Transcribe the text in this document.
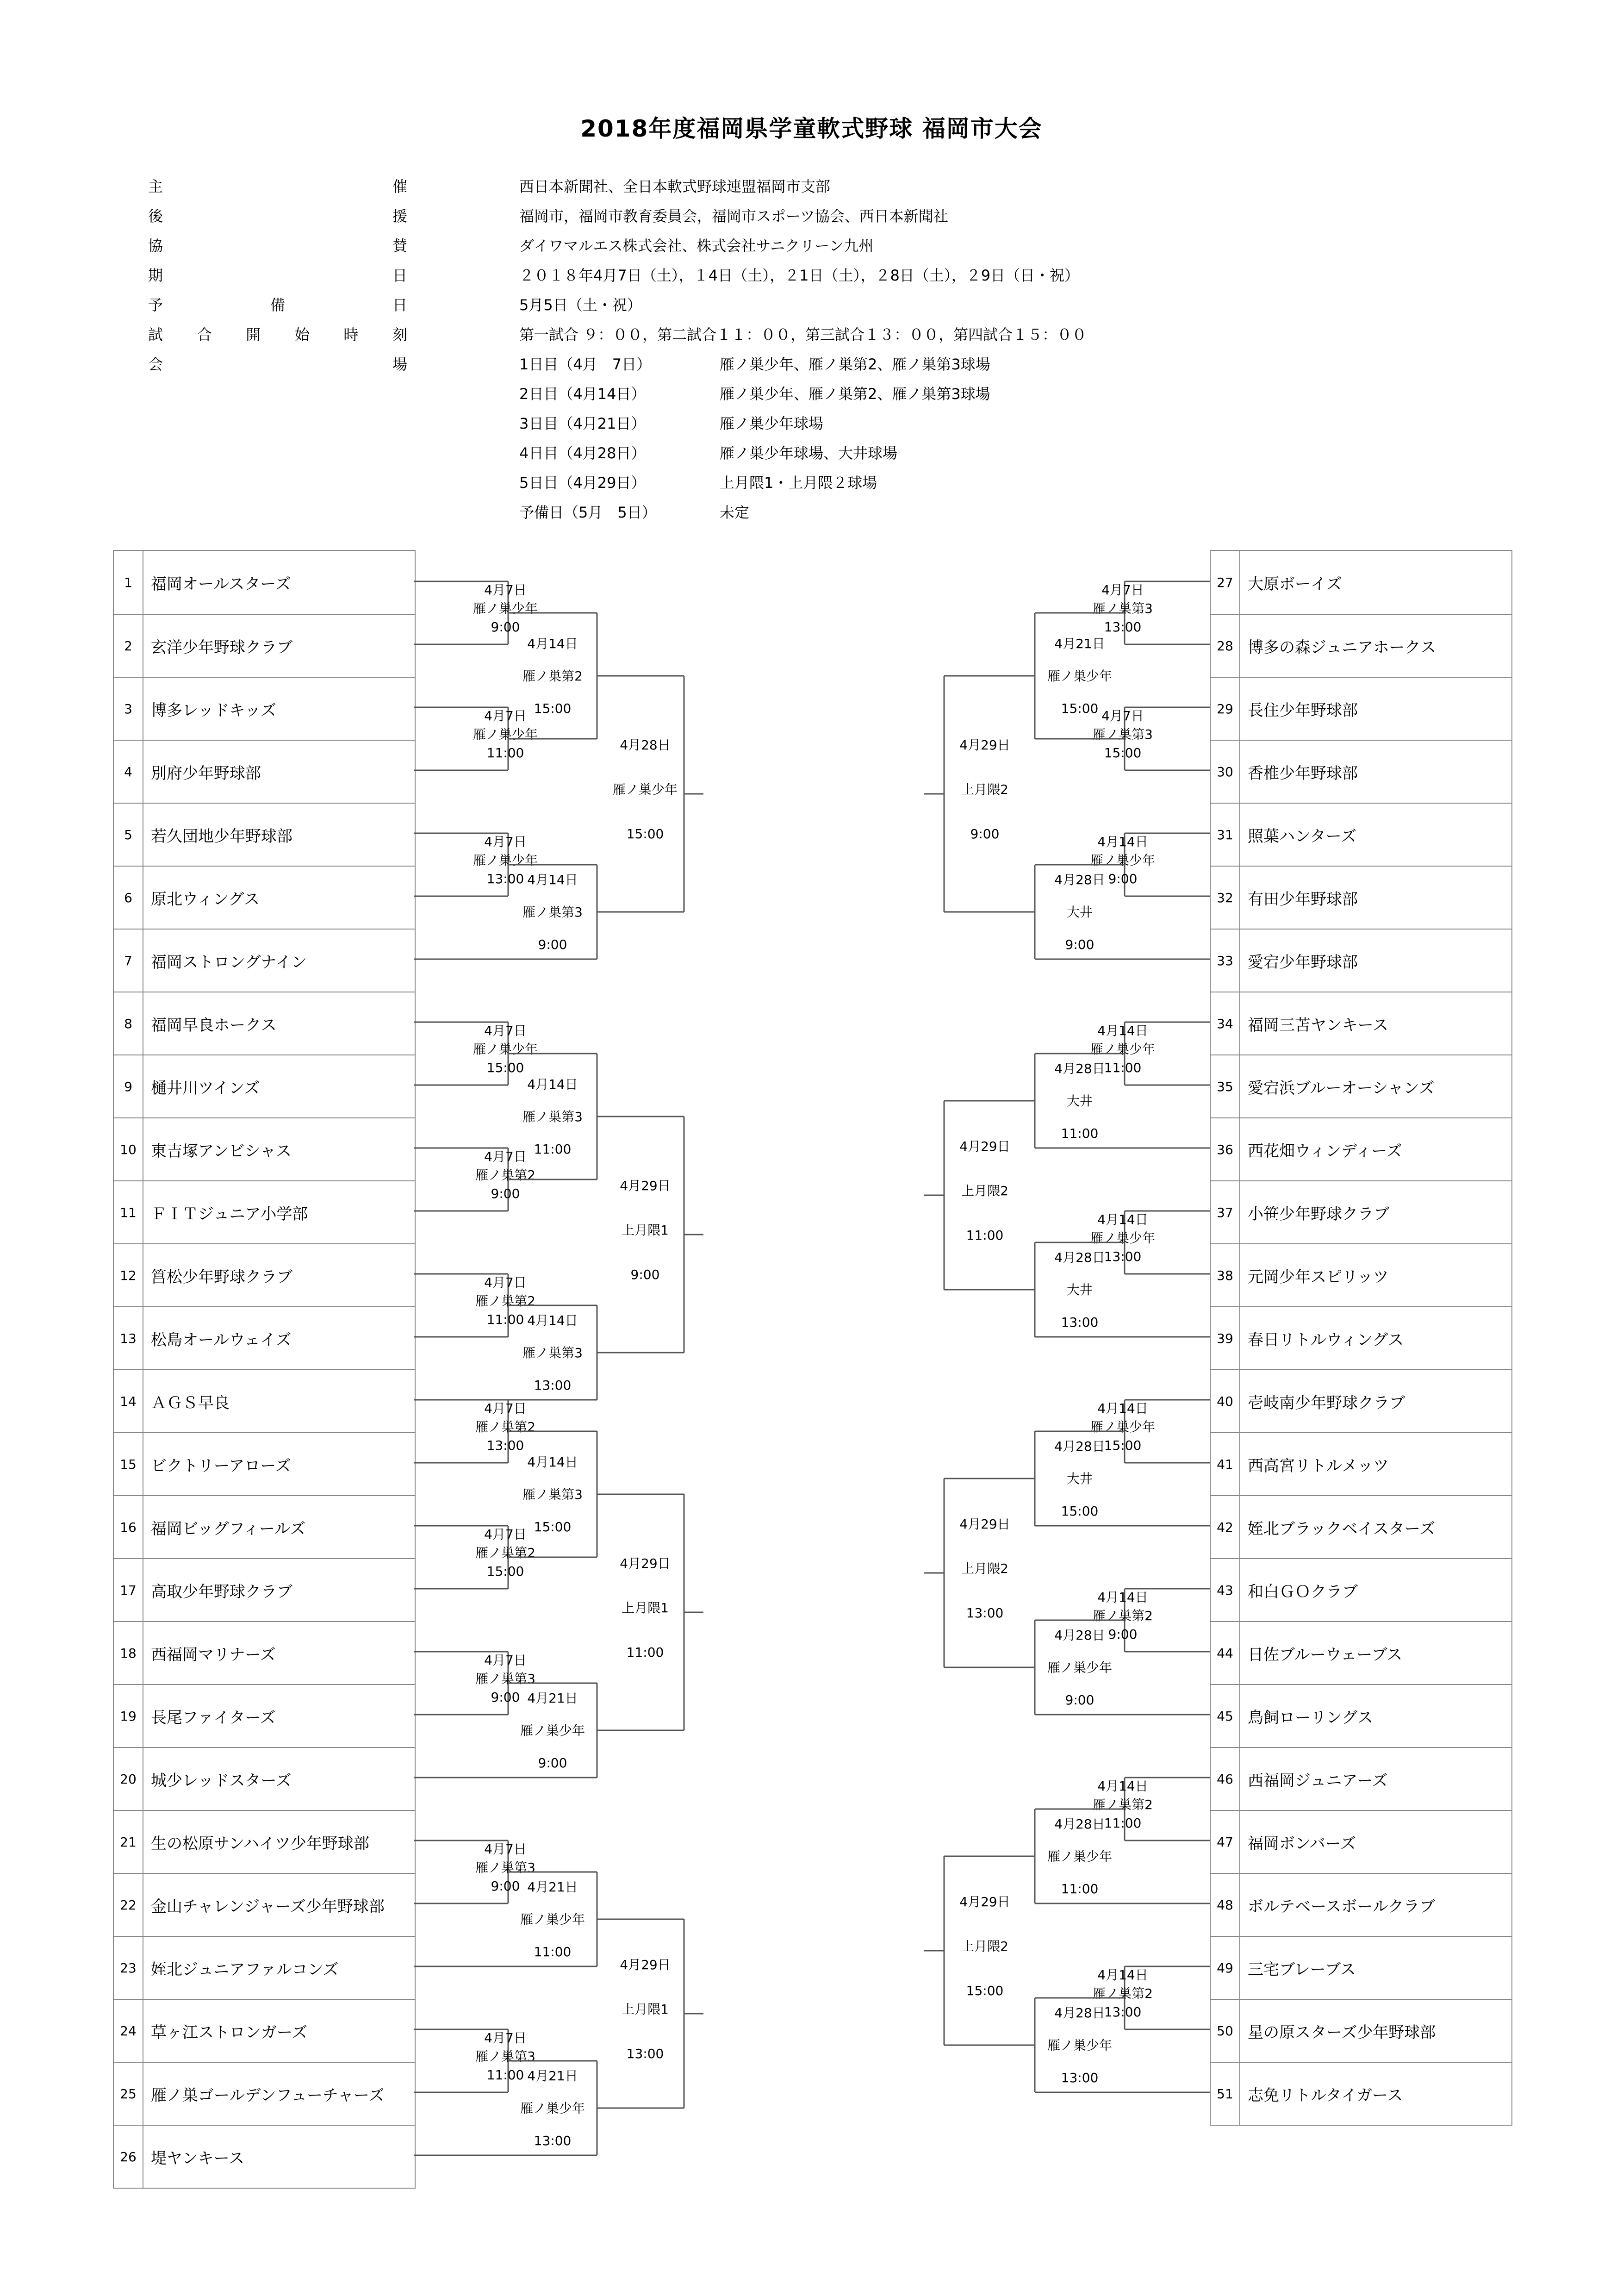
2018年度福岡県学童軟式野球 福岡市大会
主	催	西日本新聞社、全日本軟式野球連盟福岡市支部
後	援	福岡市，福岡市教育委員会，福岡市スポーツ協会、西日本新聞社
協	賛	ダイワマルエス株式会社、株式会社サニクリーン九州
期	日	２０１８年4月7日（土），１4日（土），２1日（土），２8日（土），２9日（日・祝）
予	備	日	5月5日（土・祝）
試 合 開 始 時 刻	第一試合 ９：００，第二試合１１：００，第三試合１３：００，第四試合１５：００
会	場	1日目（4月　7日）	雁ノ巣少年、雁ノ巣第2、雁ノ巣第3球場
2日目（4月14日）	雁ノ巣少年、雁ノ巣第2、雁ノ巣第3球場
3日目（4月21日）	雁ノ巣少年球場
4日目（4月28日）	雁ノ巣少年球場、大井球場
5日目（4月29日）	上月隈1・上月隈２球場
予備日（5月　5日）	未定
1	福岡オールスターズ
2	玄洋少年野球クラブ
3	博多レッドキッズ
4	別府少年野球部
5	若久団地少年野球部
6	原北ウィングス
7	福岡ストロングナイン
8	福岡早良ホークス
9	樋井川ツインズ
10 東吉塚アンビシャス
11 ＦＩＴジュニア小学部
12 筥松少年野球クラブ
13 松島オールウェイズ
14 ＡＧＳ早良
15 ビクトリーアローズ
16 福岡ビッグフィールズ
17 高取少年野球クラブ
18 西福岡マリナーズ
19 長尾ファイターズ
20 城少レッドスターズ
21 生の松原サンハイツ少年野球部
22 金山チャレンジャーズ少年野球部
23 姪北ジュニアファルコンズ
24 草ヶ江ストロンガーズ
25 雁ノ巣ゴールデンフューチャーズ
26 堤ヤンキース
27 大原ボーイズ
28 博多の森ジュニアホークス
29 長住少年野球部
30 香椎少年野球部
31 照葉ハンターズ
32 有田少年野球部
33 愛宕少年野球部
34 福岡三苫ヤンキース
35 愛宕浜ブルーオーシャンズ
36 西花畑ウィンディーズ
37 小笹少年野球クラブ
38 元岡少年スピリッツ
39 春日リトルウィングス
40 壱岐南少年野球クラブ
41 西高宮リトルメッツ
42 姪北ブラックベイスターズ
43 和白ＧＯクラブ
44 日佐ブルーウェーブス
45 鳥飼ローリングス
46 西福岡ジュニアーズ
47 福岡ボンバーズ
48 ボルテベースボールクラブ
49 三宅ブレーブス
50 星の原スターズ少年野球部
51 志免リトルタイガース
4月7日
雁ノ巣少年
9:00
4月7日
雁ノ巣少年
11:00
4月7日
雁ノ巣少年
13:00
4月14日
雁ノ巣第2
15:00
4月14日
雁ノ巣第3
9:00
4月28日
雁ノ巣少年
15:00
4月7日
雁ノ巣少年
15:00
4月7日
雁ノ巣第2
9:00
4月7日
雁ノ巣第2
11:00
4月14日
雁ノ巣第3
11:00
4月14日
雁ノ巣第3
13:00
4月29日
上月隈1
9:00
4月7日
雁ノ巣第2
13:00
4月7日
雁ノ巣第2
15:00
4月7日
雁ノ巣第3
9:00
4月14日
雁ノ巣第3
15:00
4月21日
雁ノ巣少年
9:00
4月29日
上月隈1
11:00
4月7日
雁ノ巣第3
9:00
4月7日
雁ノ巣第3
11:00
4月21日
雁ノ巣少年
11:00
4月21日
雁ノ巣少年
13:00
4月29日
上月隈1
13:00
4月7日
雁ノ巣第3
13:00
4月7日
雁ノ巣第3
15:00
4月21日
雁ノ巣少年
15:00
4月14日
雁ノ巣少年
9:00
4月28日
大井
9:00
4月29日
上月隈2
9:00
4月14日
雁ノ巣少年
11:00
4月28日
大井
11:00
4月14日
雁ノ巣少年
13:00
4月28日
大井
13:00
4月29日
上月隈2
11:00
4月14日
雁ノ巣少年
15:00
4月28日
大井
15:00
4月14日
雁ノ巣第2
9:00
4月28日
雁ノ巣少年
9:00
4月29日
上月隈2
13:00
4月14日
雁ノ巣第2
11:00
4月28日
雁ノ巣少年
11:00
4月14日
雁ノ巣第2
13:00
4月28日
雁ノ巣少年
13:00
4月29日
上月隈2
15:00
